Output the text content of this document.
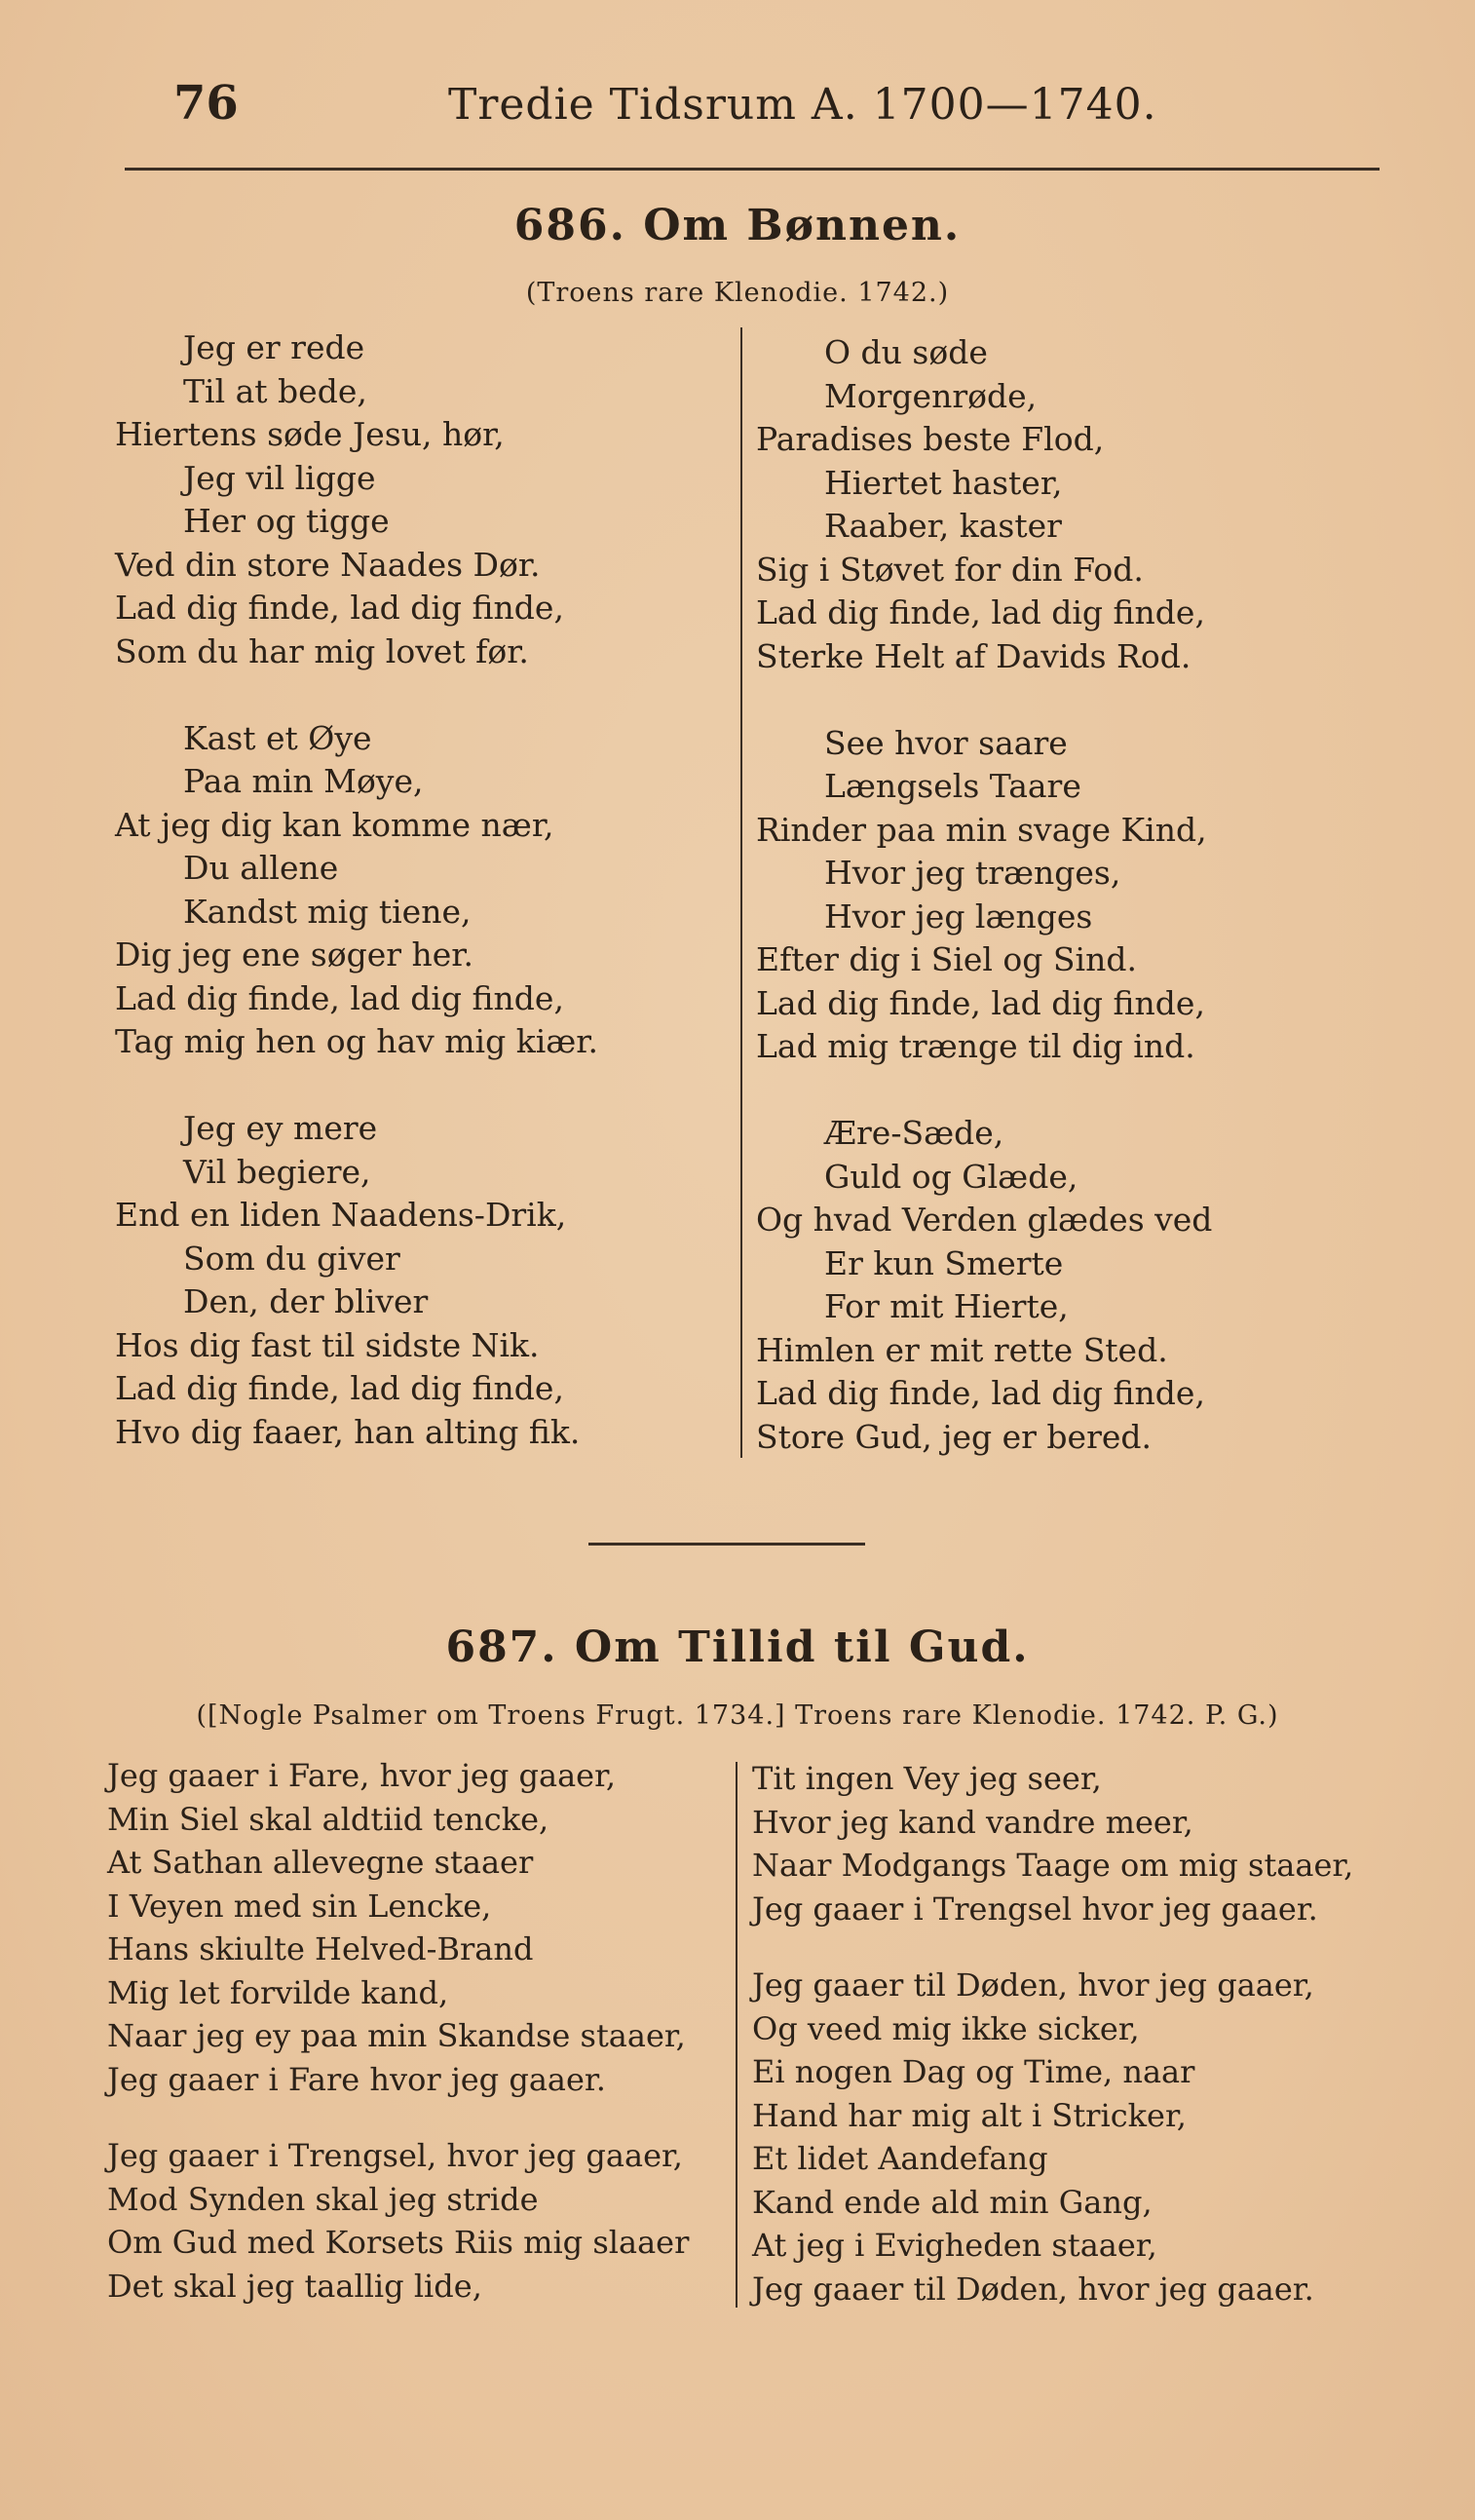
76	Tredie Tidsrum A. 1700—1740.
686. Om Bønnen.
(Troens rare Klenodie. 1742.)
Jeg er rede
Til at bede,
Hiertens søde Jesu, hør,
Jeg vil ligge
Her og tigge
Ved din store Naades Dør.
Lad dig finde, lad dig finde,
Som du har mig lovet før.
Kast et Øye
Paa min Møye,
At jeg dig kan komme nær,
Du allene
Kandst mig tiene,
Dig jeg ene søger her.
Lad dig finde, lad dig finde,
Tag mig hen og hav mig kiær.
Jeg ey mere
Vil begiere,
End en liden Naadens-Drik,
Som du giver
Den, der bliver
Hos dig fast til sidste Nik.
Lad dig finde, lad dig finde,
Hvo dig faaer, han alting fik.
O du søde
Morgenrøde,
Paradises beste Flod,
Hiertet haster,
Raaber, kaster
Sig i Støvet for din Fod.
Lad dig finde, lad dig finde,
Sterke Helt af Davids Rod.
See hvor saare
Længsels Taare
Rinder paa min svage Kind,
Hvor jeg trænges,
Hvor jeg længes
Efter dig i Siel og Sind.
Lad dig finde, lad dig finde,
Lad mig trænge til dig ind.
Ære-Sæde,
Guld og Glæde,
Og hvad Verden glædes ved
Er kun Smerte
For mit Hierte,
Himlen er mit rette Sted.
Lad dig finde, lad dig finde,
Store Gud, jeg er bered.
687. Om Tillid til Gud.
([Nogle Psalmer om Troens Frugt. 1734.] Troens rare Klenodie. 1742. P. G.)
Jeg gaaer i Fare, hvor jeg gaaer,
Min Siel skal aldtiid tencke,
At Sathan allevegne staaer
I Veyen med sin Lencke,
Hans skiulte Helved-Brand
Mig let forvilde kand,
Naar jeg ey paa min Skandse staaer,
Jeg gaaer i Fare hvor jeg gaaer.
Jeg gaaer i Trengsel, hvor jeg gaaer,
Mod Synden skal jeg stride
Om Gud med Korsets Riis mig slaaer
Det skal jeg taallig lide,
Tit ingen Vey jeg seer,
Hvor jeg kand vandre meer,
Naar Modgangs Taage om mig staaer,
Jeg gaaer i Trengsel hvor jeg gaaer.
Jeg gaaer til Døden, hvor jeg gaaer,
Og veed mig ikke sicker,
Ei nogen Dag og Time, naar
Hand har mig alt i Stricker,
Et lidet Aandefang
Kand ende ald min Gang,
At jeg i Evigheden staaer,
Jeg gaaer til Døden, hvor jeg gaaer.
